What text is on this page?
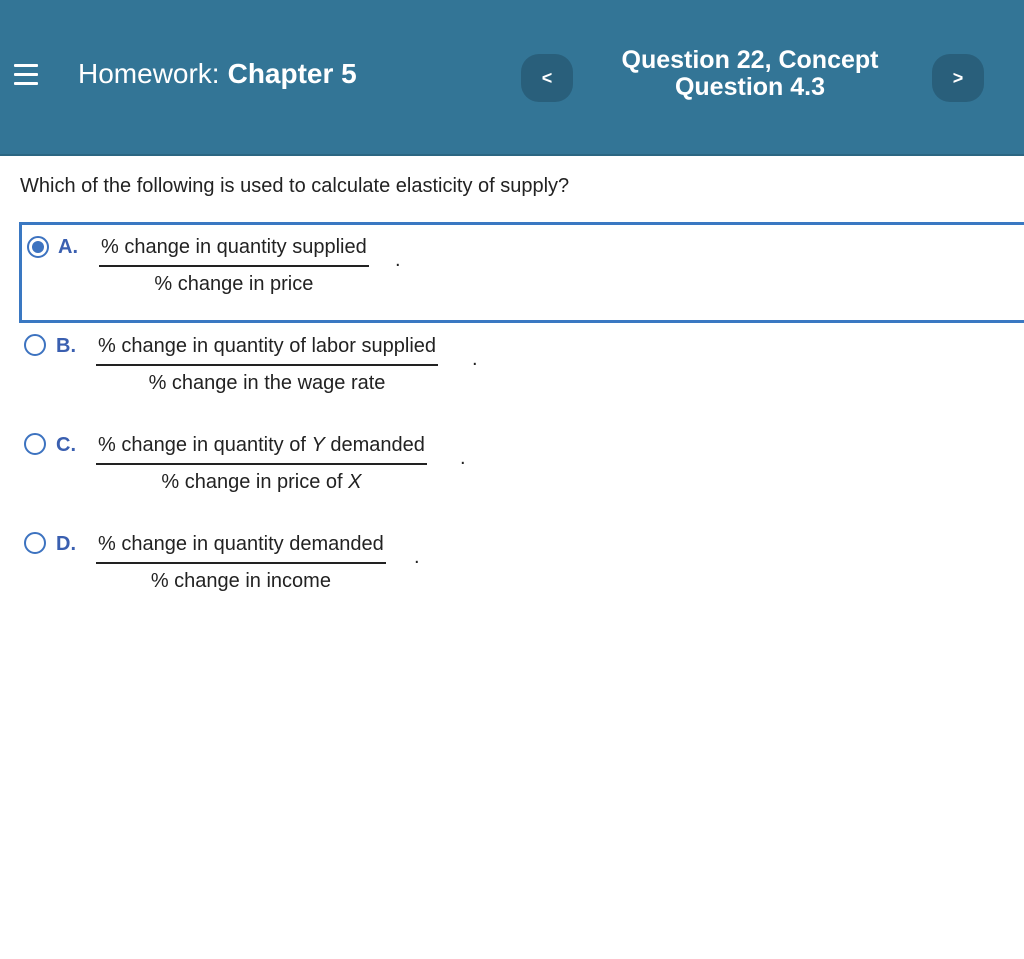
Homework: Chapter 5	<
Question 22, Concept
Question 4.3	>
Which of the following is used to calculate elasticity of supply?
A. % change in quantity supplied
% change in price
.
B. % change in quantity of labor supplied
% change in the wage rate
.
C. % change in quantity of Y demanded
% change in price of X
.
D. % change in quantity demanded
% change in income
.
